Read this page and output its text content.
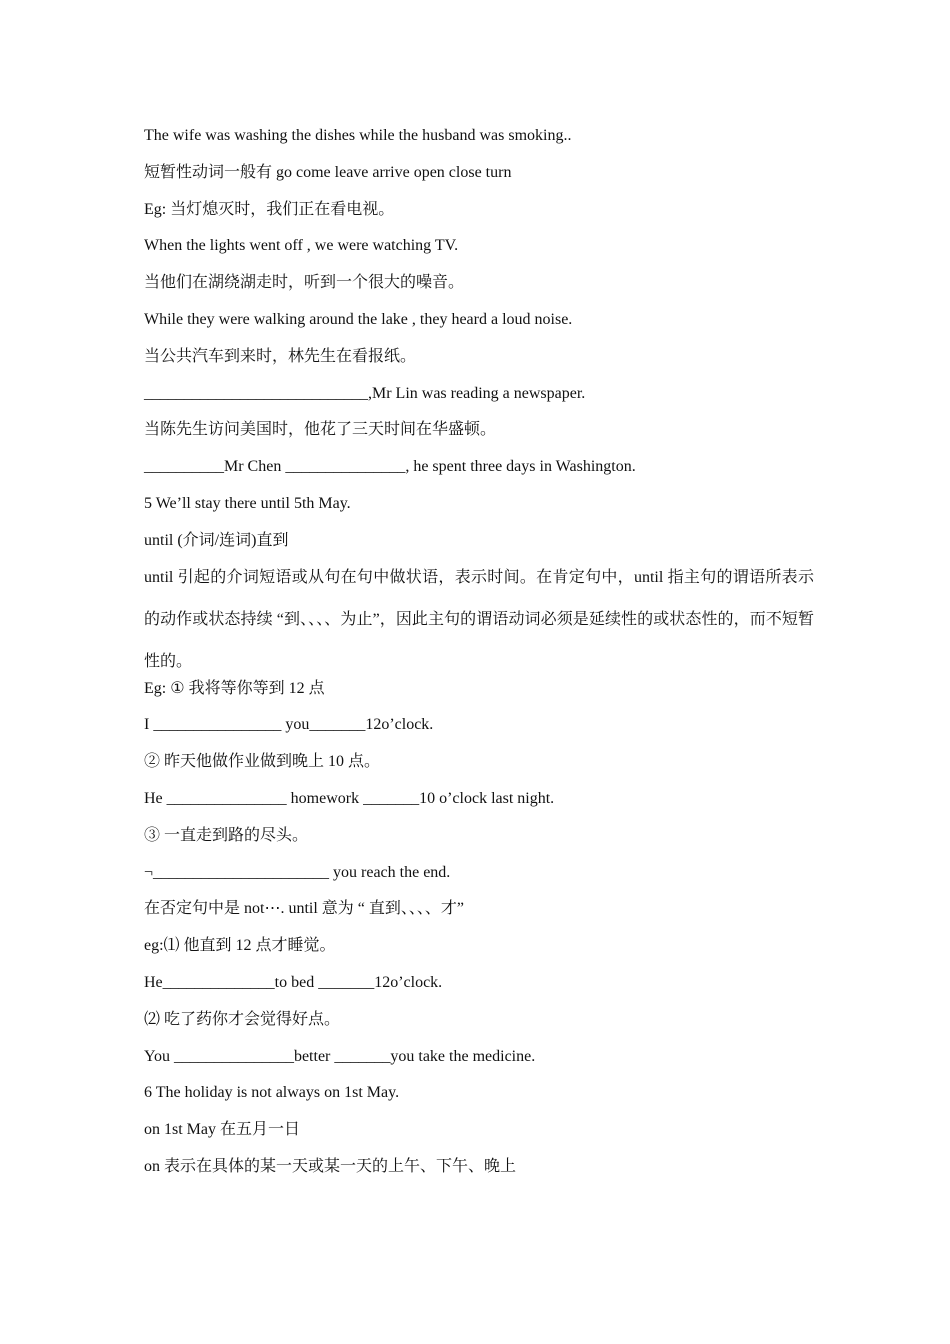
The wife was washing the dishes while the husband was smoking..
短暂性动词一般有 go come leave arrive open close turn
Eg: 当灯熄灭时，我们正在看电视。
When the lights went off , we were watching TV.
当他们在湖绕湖走时，听到一个很大的噪音。
While they were walking around the lake , they heard a loud noise.
当公共汽车到来时，林先生在看报纸。
____________________________,Mr Lin was reading a newspaper.
当陈先生访问美国时，他花了三天时间在华盛顿。
__________Mr Chen _______________, he spent three days in Washington.
5 We’ll stay there until 5th May.
until (介词/连词)直到
until 引起的介词短语或从句在句中做状语，表示时间。在肯定句中，until 指主句的谓语所表示的动作或状态持续 “到、、、、为止”，因此主句的谓语动词必须是延续性的或状态性的，而不短暂性的。
Eg: ① 我将等你等到 12 点
I ________________ you_______12o’clock.
② 昨天他做作业做到晚上 10 点。
He _______________ homework _______10 o’clock last night.
③ 一直走到路的尽头。
¬______________________ you reach the end.
在否定句中是 not⋯. until 意为 “ 直到、、、、才”
eg:⑴ 他直到 12 点才睡觉。
He______________to bed _______12o’clock.
⑵ 吃了药你才会觉得好点。
You _______________better _______you take the medicine.
6 The holiday is not always on 1st May.
on 1st May 在五月一日
on 表示在具体的某一天或某一天的上午、下午、晚上
